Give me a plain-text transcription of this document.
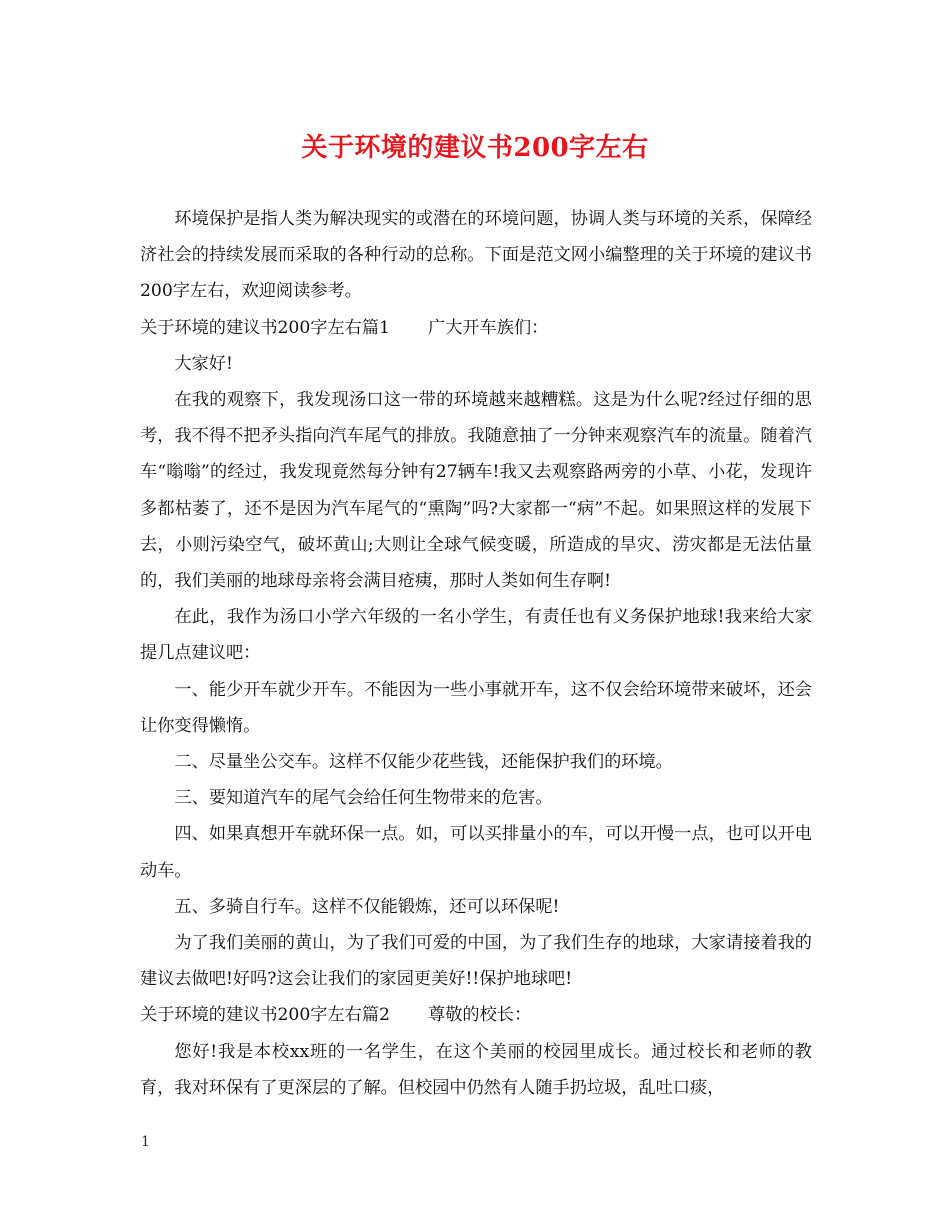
关于环境的建议书200字左右

环境保护是指人类为解决现实的或潜在的环境问题，协调人类与环境的关系，保障经济社会的持续发展而采取的各种行动的总称。下面是范文网小编整理的关于环境的建议书200字左右，欢迎阅读参考。

关于环境的建议书200字左右篇1 广大开车族们：

大家好!

在我的观察下，我发现汤口这一带的环境越来越糟糕。这是为什么呢?经过仔细的思考，我不得不把矛头指向汽车尾气的排放。我随意抽了一分钟来观察汽车的流量。随着汽车“嗡嗡”的经过，我发现竟然每分钟有27辆车!我又去观察路两旁的小草、小花，发现许多都枯萎了，还不是因为汽车尾气的“熏陶”吗?大家都一“病”不起。如果照这样的发展下去，小则污染空气，破坏黄山;大则让全球气候变暖，所造成的旱灾、涝灾都是无法估量的，我们美丽的地球母亲将会满目疮痍，那时人类如何生存啊!

在此，我作为汤口小学六年级的一名小学生，有责任也有义务保护地球!我来给大家提几点建议吧：

一、能少开车就少开车。不能因为一些小事就开车，这不仅会给环境带来破坏，还会让你变得懒惰。

二、尽量坐公交车。这样不仅能少花些钱，还能保护我们的环境。

三、要知道汽车的尾气会给任何生物带来的危害。

四、如果真想开车就环保一点。如，可以买排量小的车，可以开慢一点，也可以开电动车。

五、多骑自行车。这样不仅能锻炼，还可以环保呢!

为了我们美丽的黄山，为了我们可爱的中国，为了我们生存的地球，大家请接着我的建议去做吧!好吗?这会让我们的家园更美好!!保护地球吧!

关于环境的建议书200字左右篇2 尊敬的校长：

您好!我是本校xx班的一名学生，在这个美丽的校园里成长。通过校长和老师的教育，我对环保有了更深层的了解。但校园中仍然有人随手扔垃圾，乱吐口痰，

1
